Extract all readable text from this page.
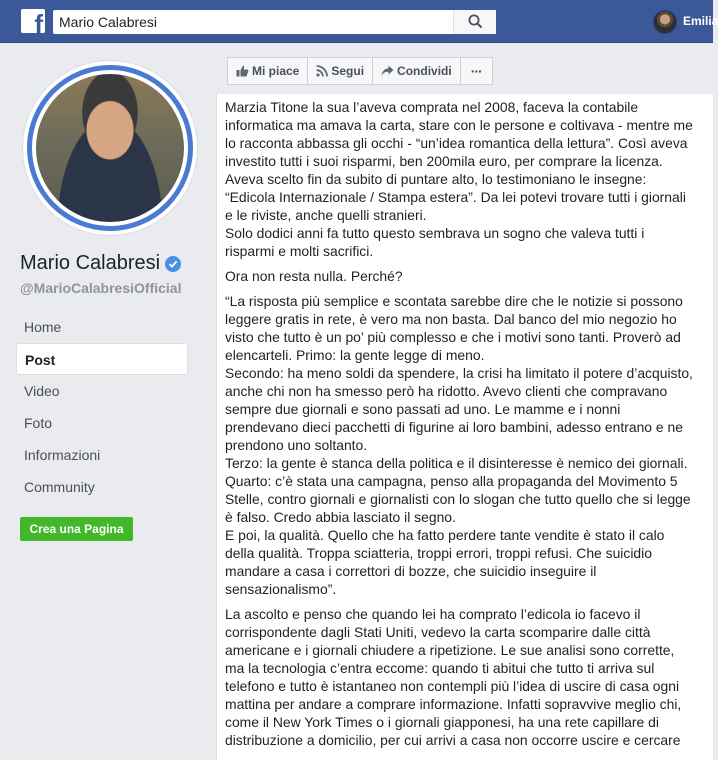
f
Mario Calabresi	Emilia
Mario Calabresi
@MarioCalabresiOfficial
Home
Post
Video
Foto
Informazioni
Community
Crea una Pagina
Mi piace	Segui	Condividi ···

Marzia Titone la sua l’aveva comprata nel 2008, faceva la contabile
informatica ma amava la carta, stare con le persone e coltivava - mentre me
lo racconta abbassa gli occhi - “un’idea romantica della lettura”. Così aveva
investito tutti i suoi risparmi, ben 200mila euro, per comprare la licenza.
Aveva scelto fin da subito di puntare alto, lo testimoniano le insegne:
“Edicola Internazionale / Stampa estera”. Da lei potevi trovare tutti i giornali
e le riviste, anche quelli stranieri.
Solo dodici anni fa tutto questo sembrava un sogno che valeva tutti i
risparmi e molti sacrifici.

Ora non resta nulla. Perché?

“La risposta più semplice e scontata sarebbe dire che le notizie si possono
leggere gratis in rete, è vero ma non basta. Dal banco del mio negozio ho
visto che tutto è un po’ più complesso e che i motivi sono tanti. Proverò ad
elencarteli. Primo: la gente legge di meno.
Secondo: ha meno soldi da spendere, la crisi ha limitato il potere d’acquisto,
anche chi non ha smesso però ha ridotto. Avevo clienti che compravano
sempre due giornali e sono passati ad uno. Le mamme e i nonni
prendevano dieci pacchetti di figurine ai loro bambini, adesso entrano e ne
prendono uno soltanto.
Terzo: la gente è stanca della politica e il disinteresse è nemico dei giornali.
Quarto: c’è stata una campagna, penso alla propaganda del Movimento 5
Stelle, contro giornali e giornalisti con lo slogan che tutto quello che si legge
è falso. Credo abbia lasciato il segno.
E poi, la qualità. Quello che ha fatto perdere tante vendite è stato il calo
della qualità. Troppa sciatteria, troppi errori, troppi refusi. Che suicidio
mandare a casa i correttori di bozze, che suicidio inseguire il
sensazionalismo”.

La ascolto e penso che quando lei ha comprato l’edicola io facevo il
corrispondente dagli Stati Uniti, vedevo la carta scomparire dalle città
americane e i giornali chiudere a ripetizione. Le sue analisi sono corrette,
ma la tecnologia c’entra eccome: quando ti abitui che tutto ti arriva sul
telefono e tutto è istantaneo non contempli più l’idea di uscire di casa ogni
mattina per andare a comprare informazione. Infatti sopravvive meglio chi,
come il New York Times o i giornali giapponesi, ha una rete capillare di
distribuzione a domicilio, per cui arrivi a casa non occorre uscire e cercare
